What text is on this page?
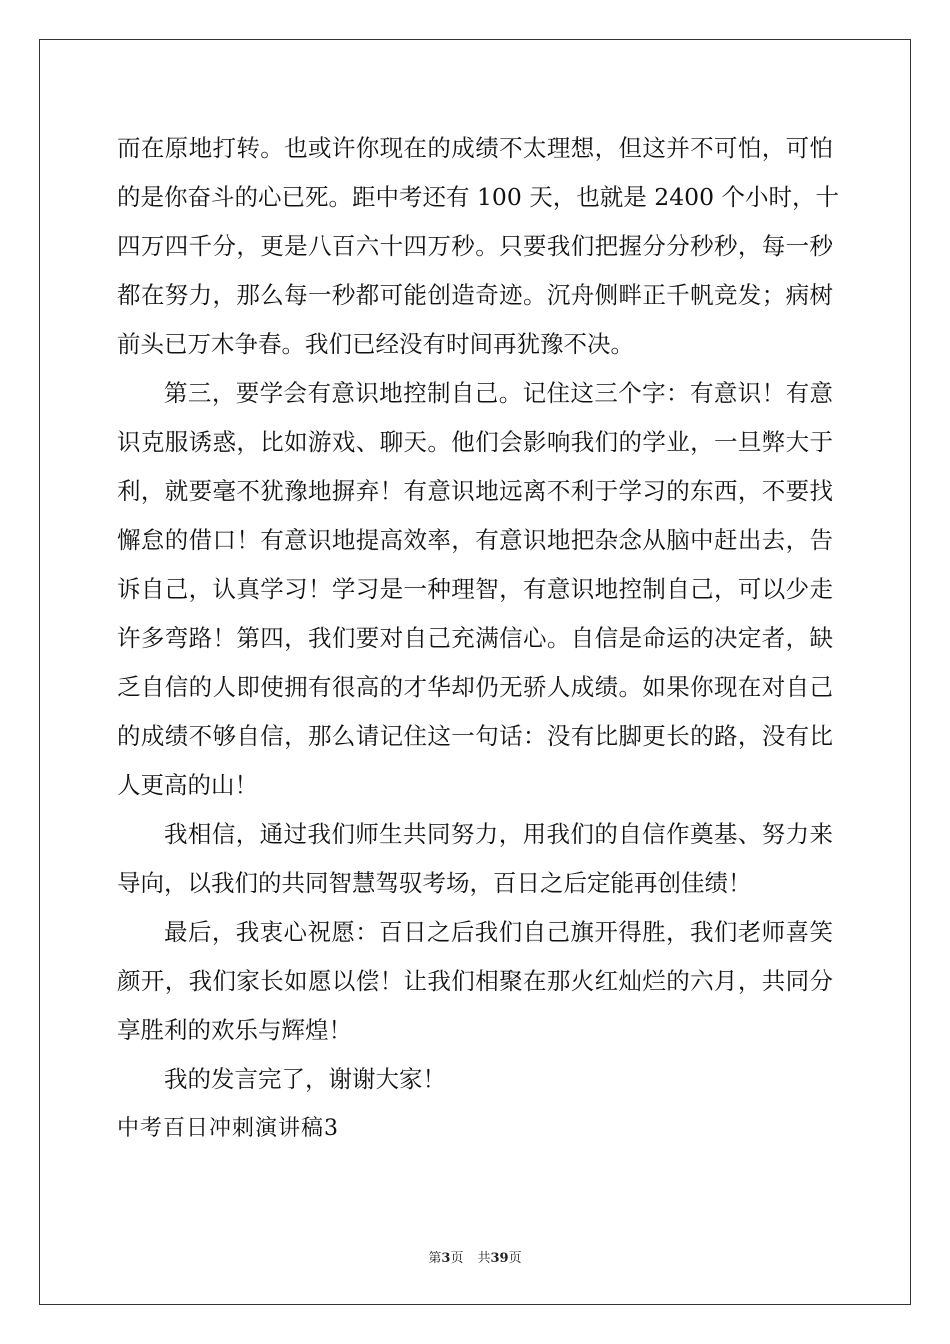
而在原地打转。也或许你现在的成绩不太理想，但这并不可怕，可怕
的是你奋斗的心已死。距中考还有 100 天，也就是 2400 个小时，十
四万四千分，更是八百六十四万秒。只要我们把握分分秒秒，每一秒
都在努力，那么每一秒都可能创造奇迹。沉舟侧畔正千帆竞发；病树
前头已万木争春。我们已经没有时间再犹豫不决。
第三，要学会有意识地控制自己。记住这三个字：有意识！有意
识克服诱惑，比如游戏、聊天。他们会影响我们的学业，一旦弊大于
利，就要毫不犹豫地摒弃！有意识地远离不利于学习的东西，不要找
懈怠的借口！有意识地提高效率，有意识地把杂念从脑中赶出去，告
诉自己，认真学习！学习是一种理智，有意识地控制自己，可以少走
许多弯路！第四，我们要对自己充满信心。自信是命运的决定者，缺
乏自信的人即使拥有很高的才华却仍无骄人成绩。如果你现在对自己
的成绩不够自信，那么请记住这一句话：没有比脚更长的路，没有比
人更高的山！
我相信，通过我们师生共同努力，用我们的自信作奠基、努力来
导向，以我们的共同智慧驾驭考场，百日之后定能再创佳绩！
最后，我衷心祝愿：百日之后我们自己旗开得胜，我们老师喜笑
颜开，我们家长如愿以偿！让我们相聚在那火红灿烂的六月，共同分
享胜利的欢乐与辉煌！
我的发言完了，谢谢大家！
中考百日冲刺演讲稿3
第3页 共39页
